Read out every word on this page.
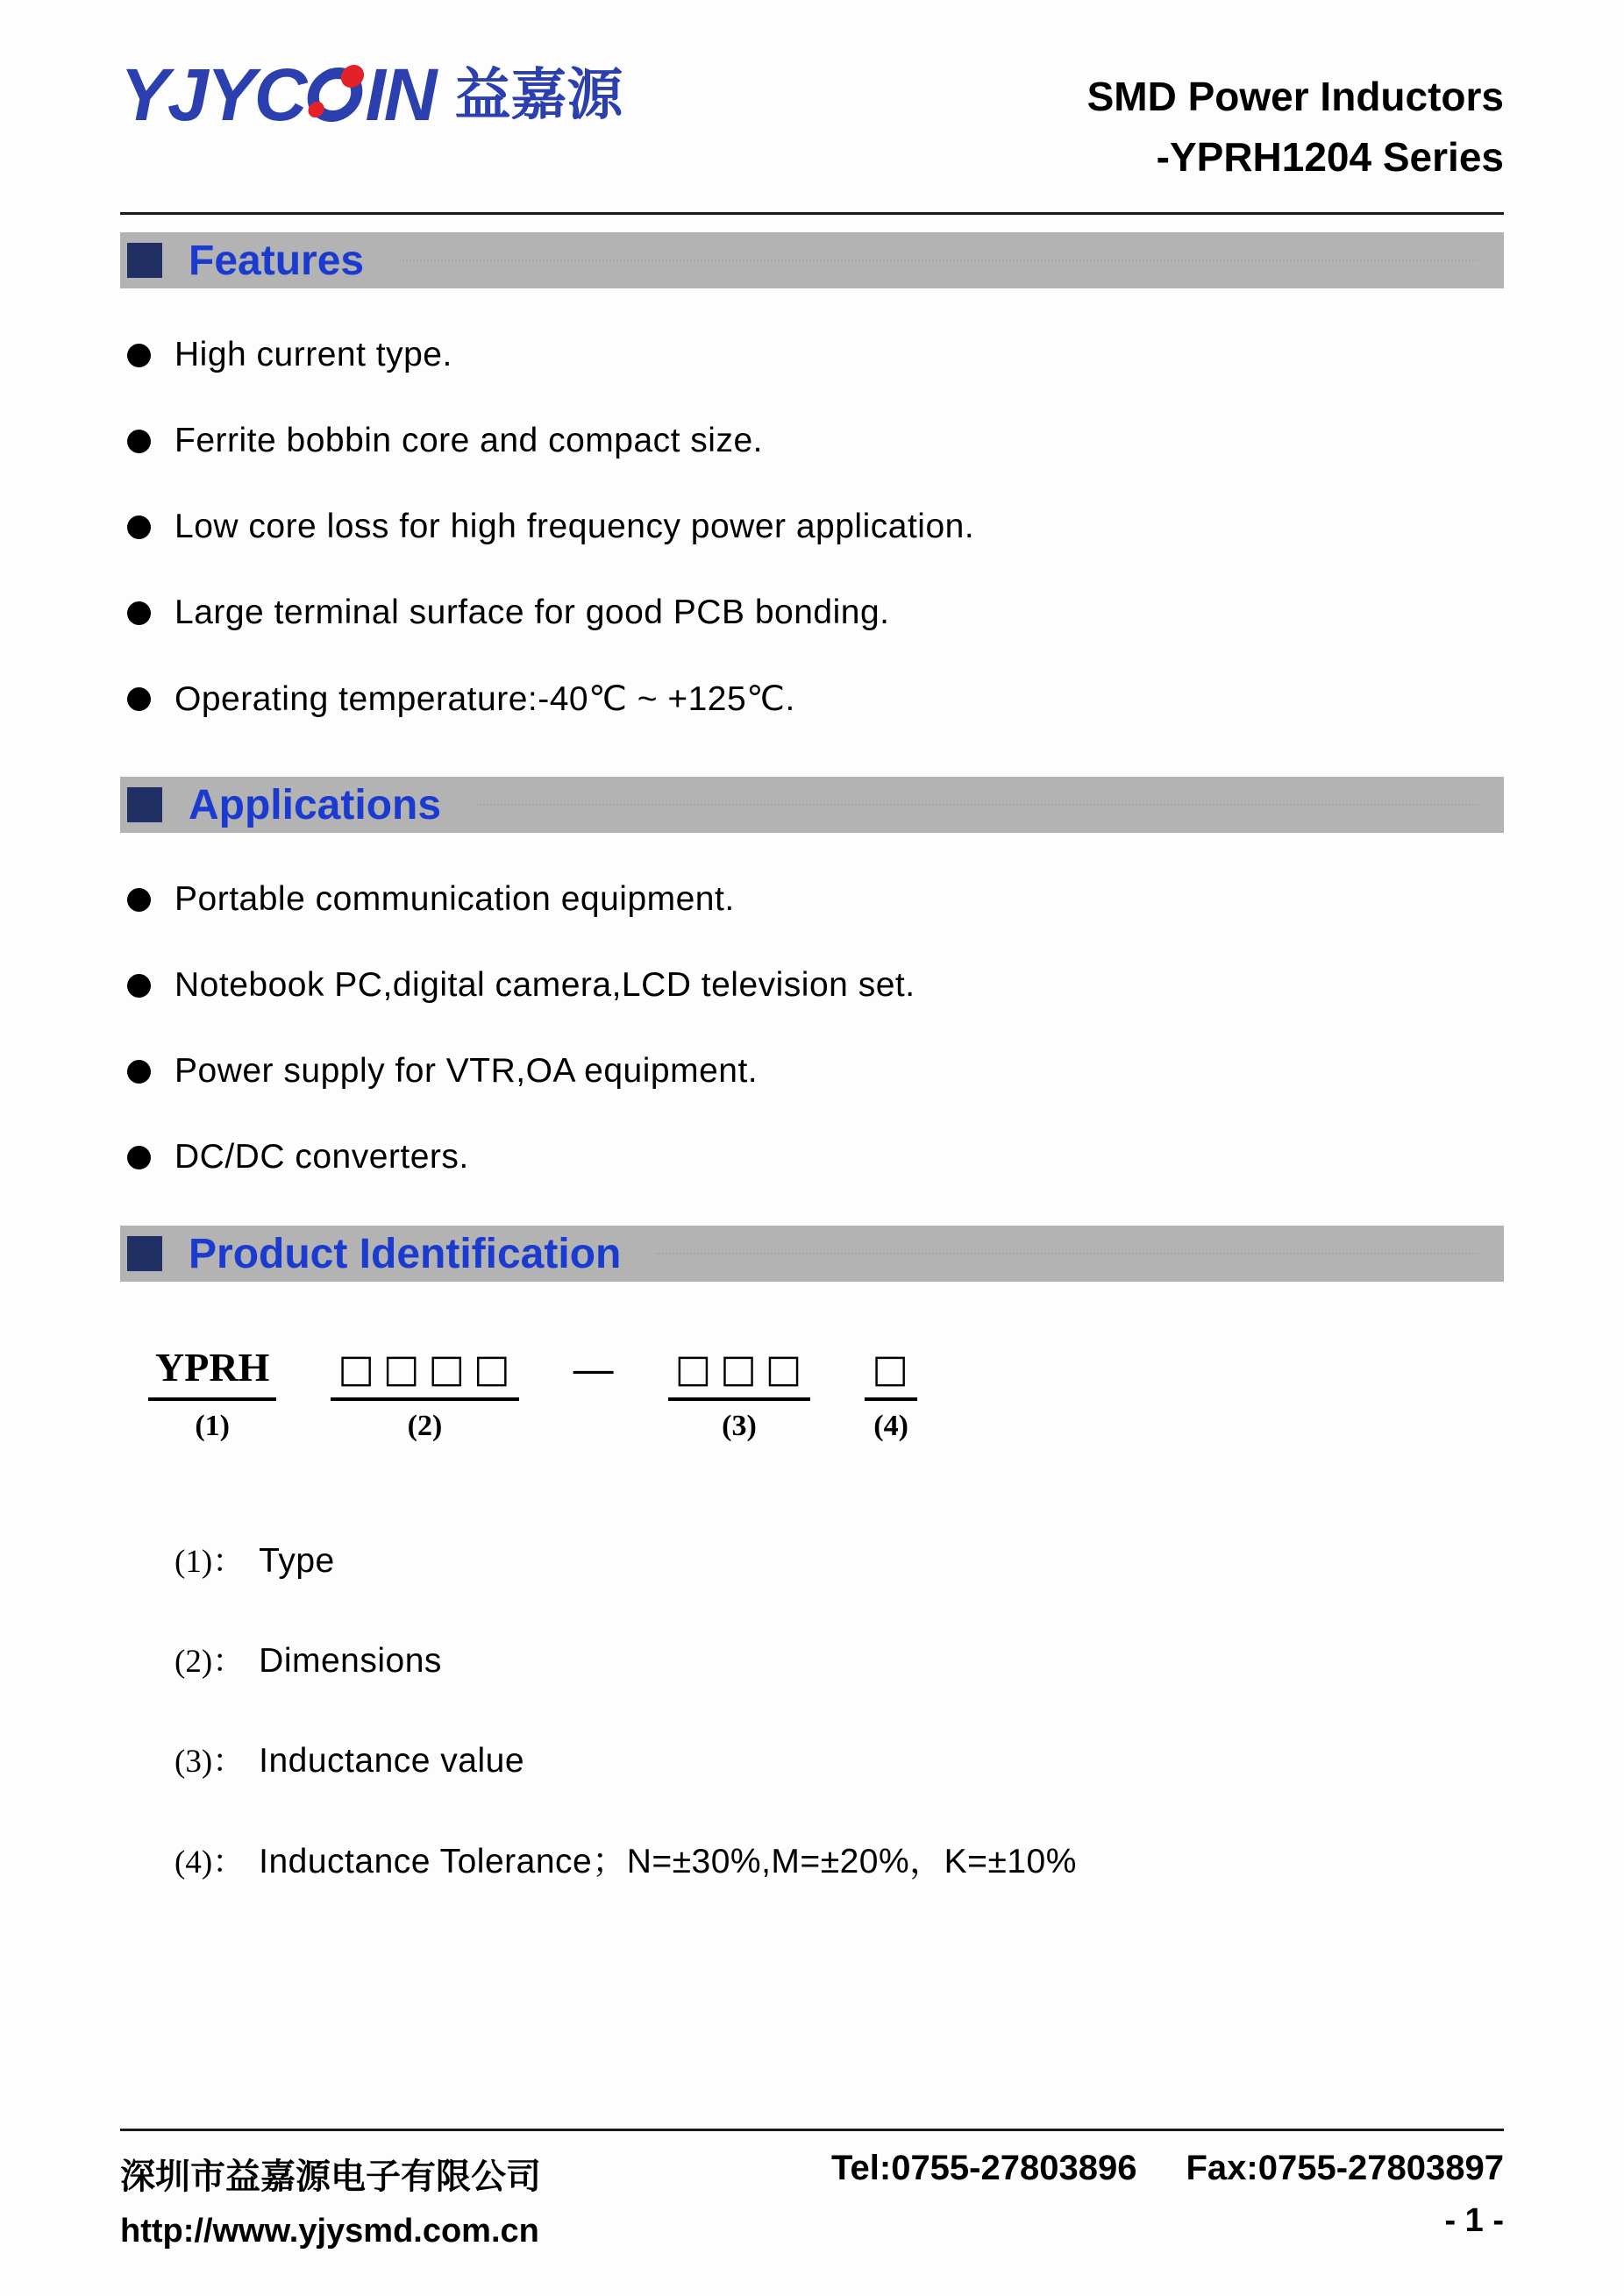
YJYC IN 益嘉源	SMD Power Inductors
-YPRH1204 Series
Features
High current type.
Ferrite bobbin core and compact size.
Low core loss for high frequency power application.
Large terminal surface for good PCB bonding.
Operating temperature:-40℃ ~ +125℃.
Applications
Portable communication equipment.
Notebook PC,digital camera,LCD television set.
Power supply for VTR,OA equipment.
DC/DC converters.
Product Identification
YPRH
(1)
□□□□
(2)
— □□□
(3)
□
(4)
(1)： Type
(2)： Dimensions
(3)： Inductance value
(4)： Inductance Tolerance；N=±30%,M=±20%，K=±10%
深圳市益嘉源电子有限公司
http://www.yjysmd.com.cn
Tel:0755-27803896 Fax:0755-27803897
- 1 -
